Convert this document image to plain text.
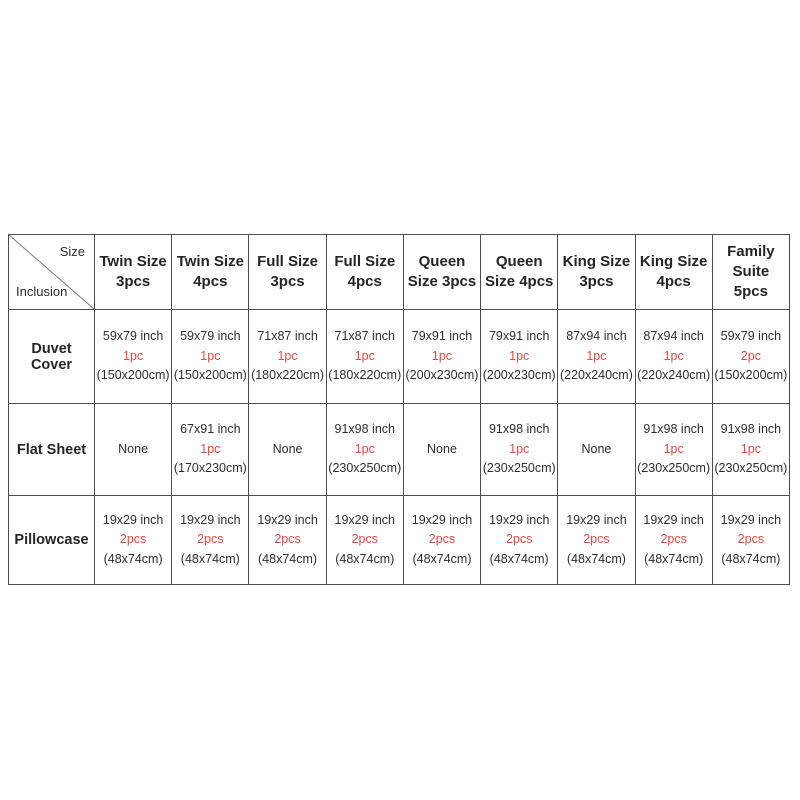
Size
Inclusion	Twin Size 3pcs	Twin Size 4pcs	Full Size 3pcs	Full Size 4pcs	Queen Size 3pcs	Queen Size 4pcs	King Size 3pcs	King Size 4pcs	Family Suite 5pcs
Duvet Cover	59x79 inch
1pc
(150x200cm)	59x79 inch
1pc
(150x200cm)	71x87 inch
1pc
(180x220cm)	71x87 inch
1pc
(180x220cm)	79x91 inch
1pc
(200x230cm)	79x91 inch
1pc
(200x230cm)	87x94 inch
1pc
(220x240cm)	87x94 inch
1pc
(220x240cm)	59x79 inch
2pc
(150x200cm)

Flat Sheet	None	67x91 inch
1pc
(170x230cm)	None	91x98 inch
1pc
(230x250cm)	None	91x98 inch
1pc
(230x250cm)	None	91x98 inch
1pc
(230x250cm)	91x98 inch
1pc
(230x250cm)

Pillowcase	19x29 inch
2pcs
(48x74cm)	19x29 inch
2pcs
(48x74cm)	19x29 inch
2pcs
(48x74cm)	19x29 inch
2pcs
(48x74cm)	19x29 inch
2pcs
(48x74cm)	19x29 inch
2pcs
(48x74cm)	19x29 inch
2pcs
(48x74cm)	19x29 inch
2pcs
(48x74cm)	19x29 inch
2pcs
(48x74cm)
